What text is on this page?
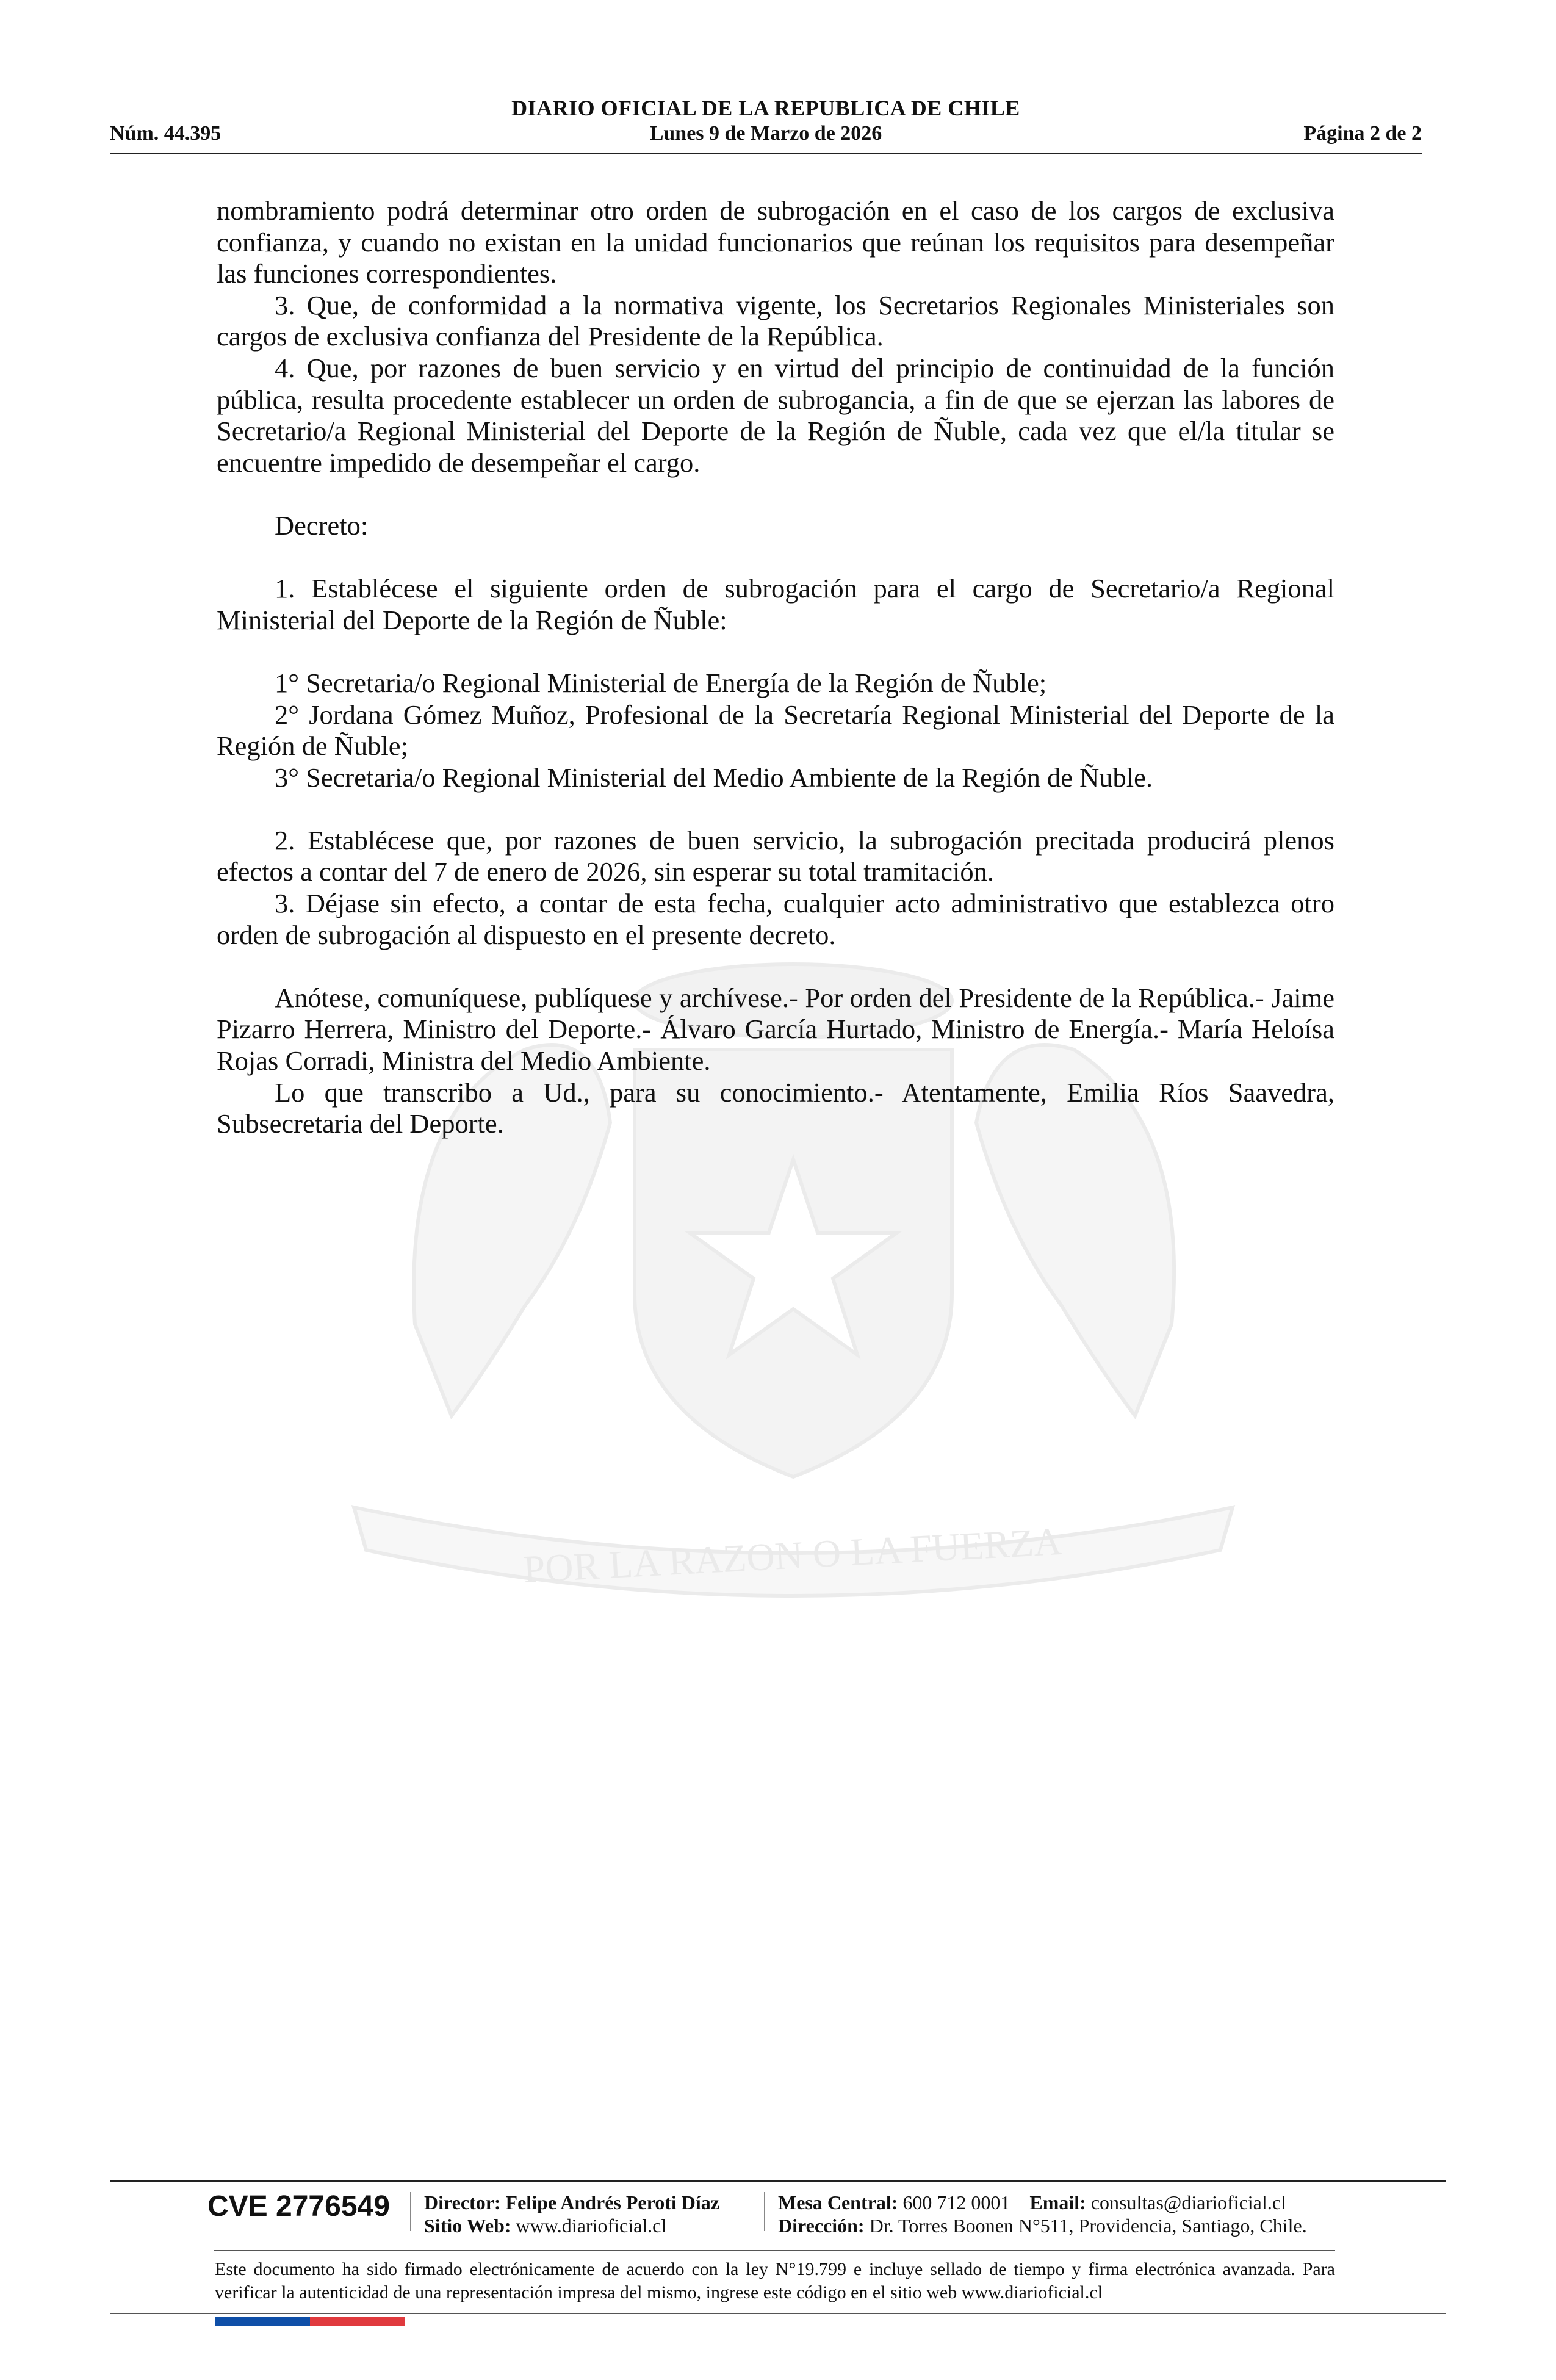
DIARIO OFICIAL DE LA REPUBLICA DE CHILE
Núm. 44.395	Lunes 9 de Marzo de 2026	Página 2 de 2
POR LA RAZON O LA FUERZA

nombramiento podrá determinar otro orden de subrogación en el caso de los cargos de exclusiva confianza, y cuando no existan en la unidad funcionarios que reúnan los requisitos para desempeñar las funciones correspondientes.

3. Que, de conformidad a la normativa vigente, los Secretarios Regionales Ministeriales son cargos de exclusiva confianza del Presidente de la República.

4. Que, por razones de buen servicio y en virtud del principio de continuidad de la función pública, resulta procedente establecer un orden de subrogancia, a fin de que se ejerzan las labores de Secretario/a Regional Ministerial del Deporte de la Región de Ñuble, cada vez que el/la titular se encuentre impedido de desempeñar el cargo.

Decreto:

1. Establécese el siguiente orden de subrogación para el cargo de Secretario/a Regional Ministerial del Deporte de la Región de Ñuble:

1° Secretaria/o Regional Ministerial de Energía de la Región de Ñuble;

2° Jordana Gómez Muñoz, Profesional de la Secretaría Regional Ministerial del Deporte de la Región de Ñuble;

3° Secretaria/o Regional Ministerial del Medio Ambiente de la Región de Ñuble.

2. Establécese que, por razones de buen servicio, la subrogación precitada producirá plenos efectos a contar del 7 de enero de 2026, sin esperar su total tramitación.

3. Déjase sin efecto, a contar de esta fecha, cualquier acto administrativo que establezca otro orden de subrogación al dispuesto en el presente decreto.

Anótese, comuníquese, publíquese y archívese.- Por orden del Presidente de la República.- Jaime Pizarro Herrera, Ministro del Deporte.- Álvaro García Hurtado, Ministro de Energía.- María Heloísa Rojas Corradi, Ministra del Medio Ambiente.

Lo que transcribo a Ud., para su conocimiento.- Atentamente, Emilia Ríos Saavedra, Subsecretaria del Deporte.

CVE 2776549 Director: Felipe Andrés Peroti Díaz
Sitio Web: www.diarioficial.cl
Mesa Central: 600 712 0001 Email: consultas@diarioficial.cl
Dirección: Dr. Torres Boonen N°511, Providencia, Santiago, Chile.
Este documento ha sido firmado electrónicamente de acuerdo con la ley N°19.799 e incluye sellado de tiempo y firma electrónica avanzada. Para verificar la autenticidad de una representación impresa del mismo, ingrese este código en el sitio web www.diarioficial.cl
